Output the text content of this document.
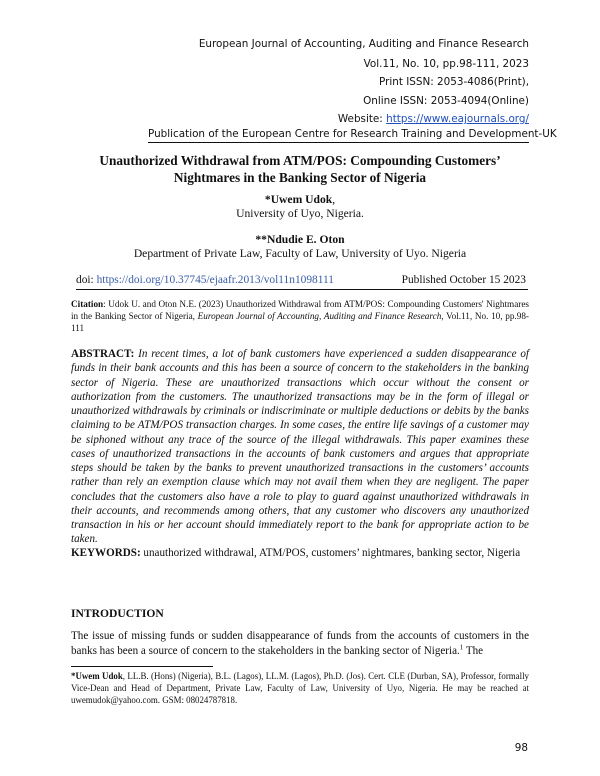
European Journal of Accounting, Auditing and Finance Research
Vol.11, No. 10, pp.98-111, 2023
Print ISSN: 2053-4086(Print),
Online ISSN: 2053-4094(Online)
Website: https://www.eajournals.org/
Publication of the European Centre for Research Training and Development-UK
Unauthorized Withdrawal from ATM/POS: Compounding Customers’
Nightmares in the Banking Sector of Nigeria
*Uwem Udok,
University of Uyo, Nigeria.
**Ndudie E. Oton
Department of Private Law, Faculty of Law, University of Uyo. Nigeria
doi: https://doi.org/10.37745/ejaafr.2013/vol11n1098111	Published October 15 2023
Citation: Udok U. and Oton N.E. (2023) Unauthorized Withdrawal from ATM/POS: Compounding Customers' Nightmares in the Banking Sector of Nigeria, European Journal of Accounting, Auditing and Finance Research, Vol.11, No. 10, pp.98-111
ABSTRACT: In recent times, a lot of bank customers have experienced a sudden disappearance of funds in their bank accounts and this has been a source of concern to the stakeholders in the banking sector of Nigeria. These are unauthorized transactions which occur without the consent or authorization from the customers. The unauthorized transactions may be in the form of illegal or unauthorized withdrawals by criminals or indiscriminate or multiple deductions or debits by the banks claiming to be ATM/POS transaction charges. In some cases, the entire life savings of a customer may be siphoned without any trace of the source of the illegal withdrawals. This paper examines these cases of unauthorized transactions in the accounts of bank customers and argues that appropriate steps should be taken by the banks to prevent unauthorized transactions in the customers’ accounts rather than rely an exemption clause which may not avail them when they are negligent. The paper concludes that the customers also have a role to play to guard against unauthorized withdrawals in their accounts, and recommends among others, that any customer who discovers any unauthorized transaction in his or her account should immediately report to the bank for appropriate action to be taken.
KEYWORDS: unauthorized withdrawal, ATM/POS, customers’ nightmares, banking sector, Nigeria
INTRODUCTION
The issue of missing funds or sudden disappearance of funds from the accounts of customers in the banks has been a source of concern to the stakeholders in the banking sector of Nigeria.$^1$ The
*Uwem Udok, LL.B. (Hons) (Nigeria), B.L. (Lagos), LL.M. (Lagos), Ph.D. (Jos). Cert. CLE (Durban, SA), Professor, formally Vice-Dean and Head of Department, Private Law, Faculty of Law, University of Uyo, Nigeria. He may be reached at uwemudok@yahoo.com. GSM: 08024787818.
98
